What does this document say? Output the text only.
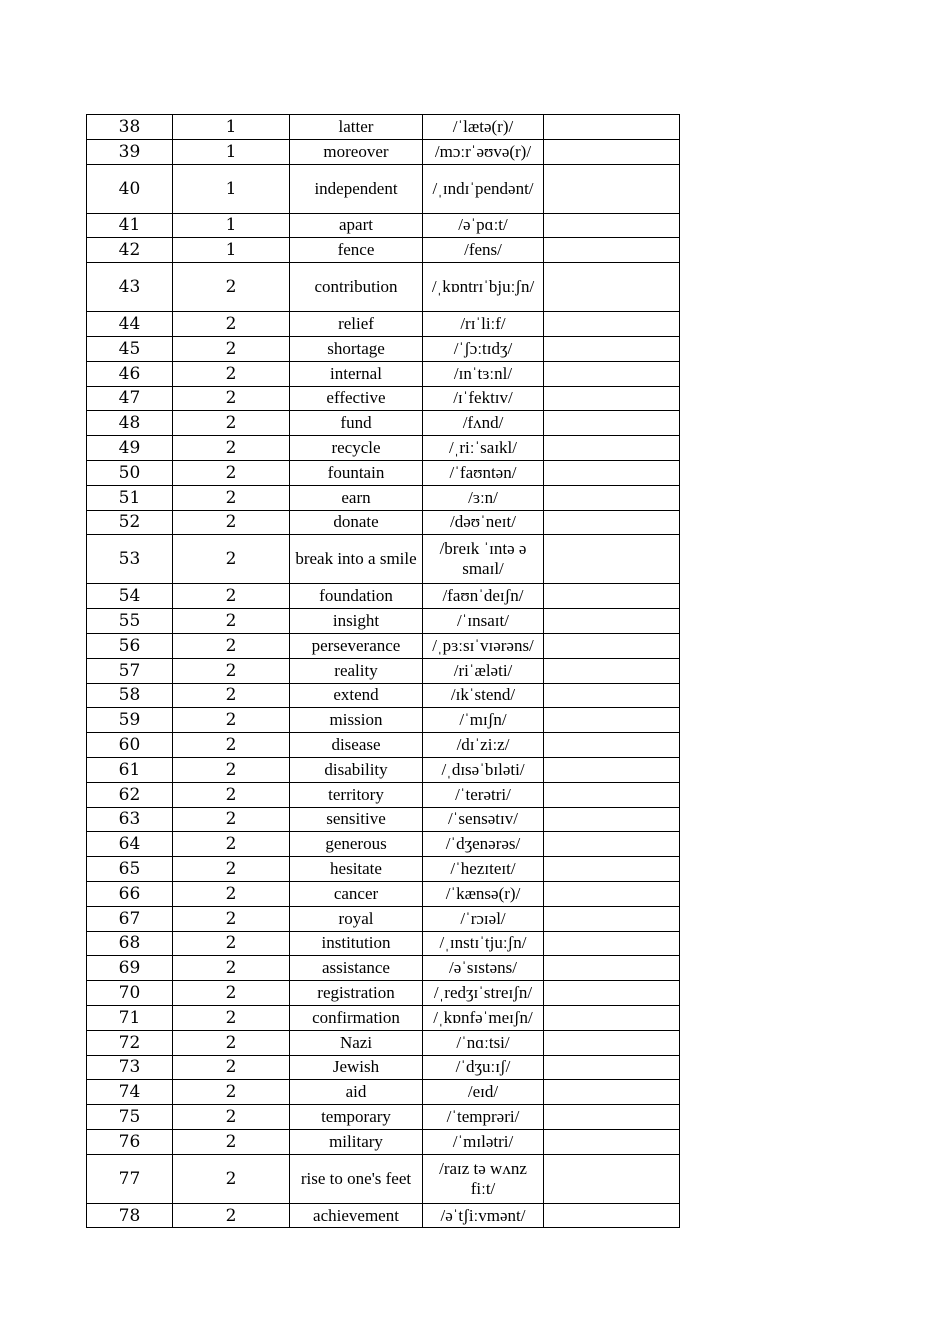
38	1	latter	/ˈlætə(r)/	
39	1	moreover	/mɔːrˈəʊvə(r)/	
40	1	independent	/ˌɪndɪˈpendənt/	
41	1	apart	/əˈpɑːt/	
42	1	fence	/fens/	
43	2	contribution	/ˌkɒntrɪˈbjuːʃn/	
44	2	relief	/rɪˈliːf/	
45	2	shortage	/ˈʃɔːtɪdʒ/	
46	2	internal	/ɪnˈtɜːnl/	
47	2	effective	/ɪˈfektɪv/	
48	2	fund	/fʌnd/	
49	2	recycle	/ˌriːˈsaɪkl/	
50	2	fountain	/ˈfaʊntən/	
51	2	earn	/ɜːn/	
52	2	donate	/dəʊˈneɪt/	
53	2	break into a smile	/breɪk ˈɪntə ə smaɪl/	
54	2	foundation	/faʊnˈdeɪʃn/	
55	2	insight	/ˈɪnsaɪt/	
56	2	perseverance	/ˌpɜːsɪˈvɪərəns/	
57	2	reality	/riˈæləti/	
58	2	extend	/ɪkˈstend/	
59	2	mission	/ˈmɪʃn/	
60	2	disease	/dɪˈziːz/	
61	2	disability	/ˌdɪsəˈbɪləti/	
62	2	territory	/ˈterətri/	
63	2	sensitive	/ˈsensətɪv/	
64	2	generous	/ˈdʒenərəs/	
65	2	hesitate	/ˈhezɪteɪt/	
66	2	cancer	/ˈkænsə(r)/	
67	2	royal	/ˈrɔɪəl/	
68	2	institution	/ˌɪnstɪˈtjuːʃn/	
69	2	assistance	/əˈsɪstəns/	
70	2	registration	/ˌredʒɪˈstreɪʃn/	
71	2	confirmation	/ˌkɒnfəˈmeɪʃn/	
72	2	Nazi	/ˈnɑːtsi/	
73	2	Jewish	/ˈdʒuːɪʃ/	
74	2	aid	/eɪd/	
75	2	temporary	/ˈtemprəri/	
76	2	military	/ˈmɪlətri/	
77	2	rise to one's feet	/raɪz tə wʌnz fiːt/	
78	2	achievement	/əˈtʃiːvmənt/	
